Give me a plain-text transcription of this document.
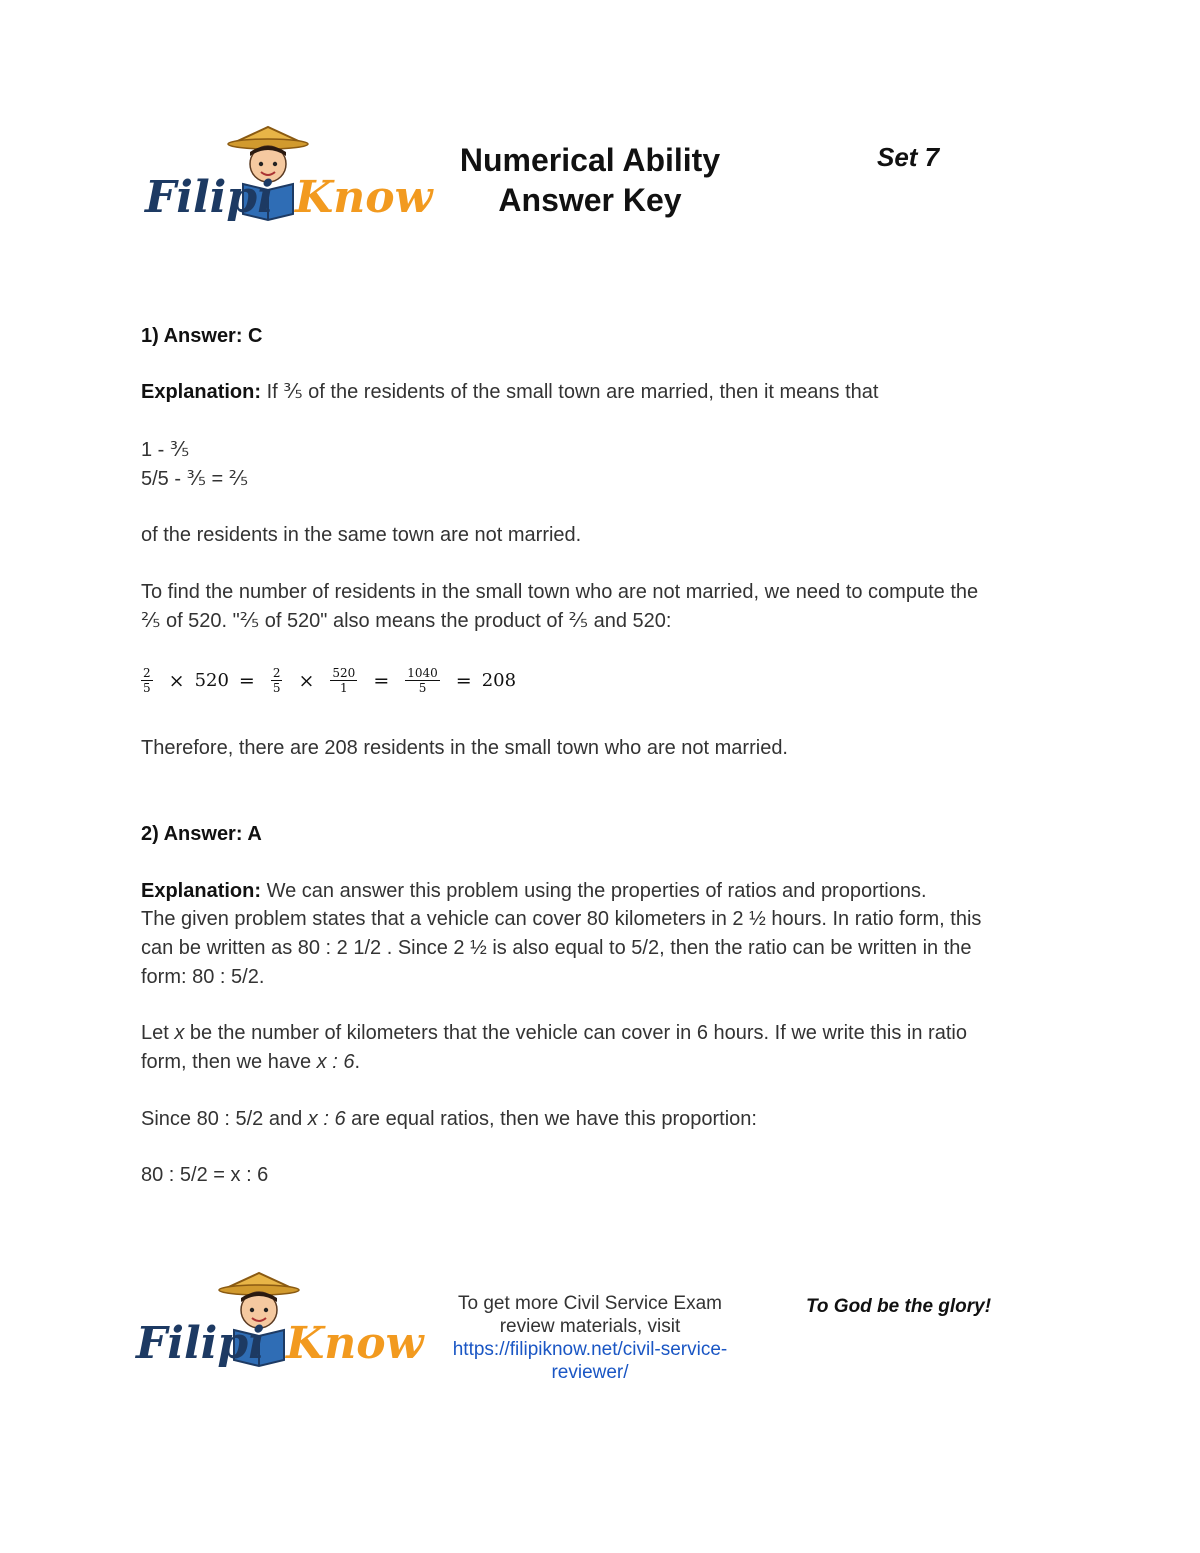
Filipi Know
Numerical Ability
Answer Key
Set 7
1) Answer: C
Explanation: If ⅗ of the residents of the small town are married, then it means that
1 - ⅗
5/5 - ⅗ = ⅖
of the residents in the same town are not married.
To find the number of residents in the small town who are not married, we need to compute the
⅖ of 520. "⅖ of 520" also means the product of ⅖ and 520:
$\frac{2}{5} \times 520 = \frac{2}{5} \times \frac{520}{1} = \frac{1040}{5} = 208$
Therefore, there are 208 residents in the small town who are not married.
2) Answer: A
Explanation: We can answer this problem using the properties of ratios and proportions.
The given problem states that a vehicle can cover 80 kilometers in 2 ½ hours. In ratio form, this
can be written as 80 : 2 1/2 . Since 2 ½ is also equal to 5/2, then the ratio can be written in the
form: 80 : 5/2.
Let x be the number of kilometers that the vehicle can cover in 6 hours. If we write this in ratio
form, then we have x : 6.
Since 80 : 5/2 and x : 6 are equal ratios, then we have this proportion:
80 : 5/2 = x : 6
Filipi Know
To get more Civil Service Exam
review materials, visit
https://filipiknow.net/civil-service-
reviewer/
To God be the glory!
